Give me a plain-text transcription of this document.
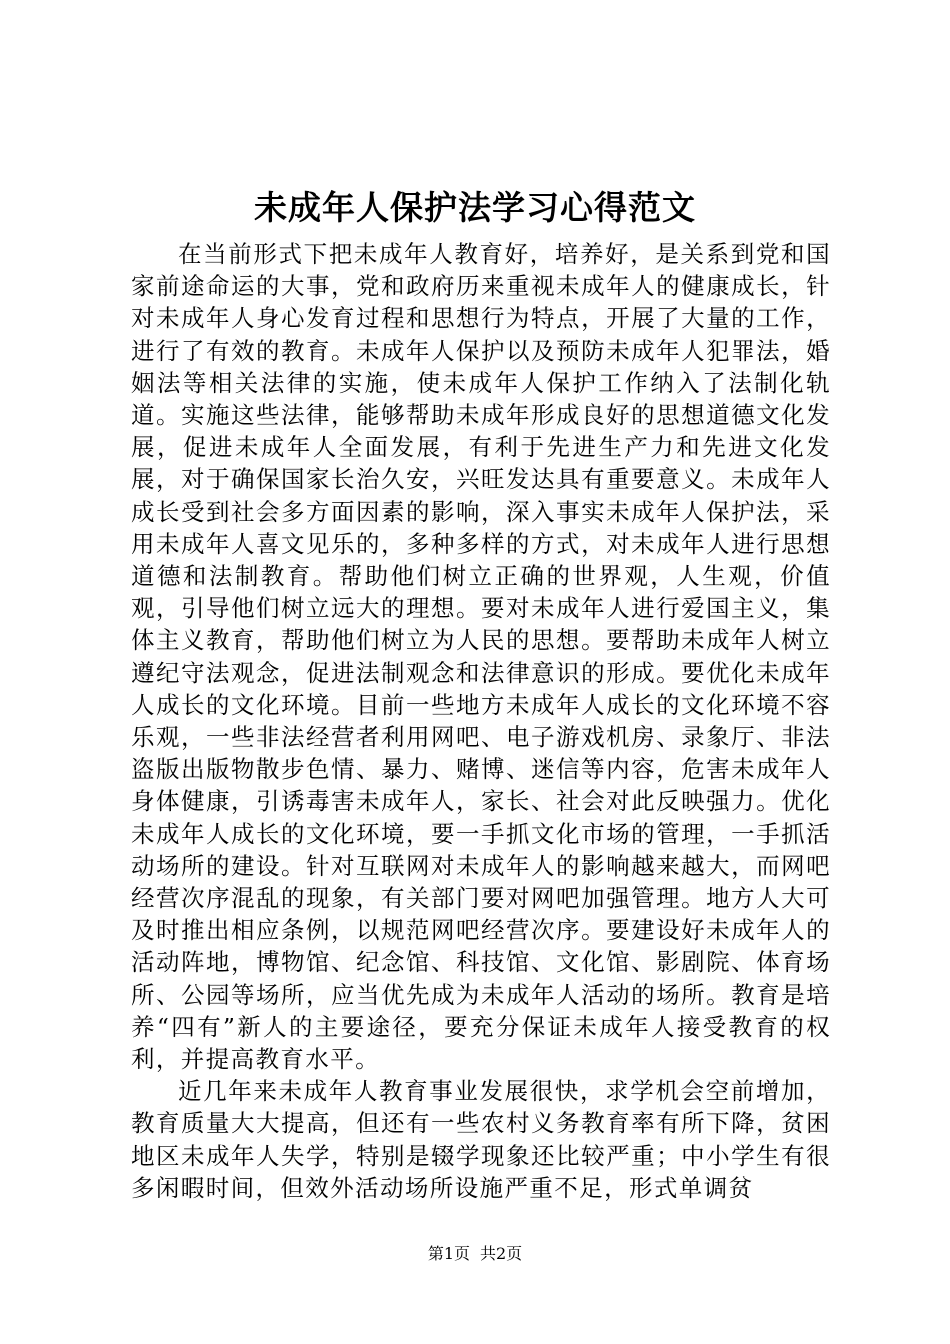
未成年人保护法学习心得范文

在当前形式下把未成年人教育好，培养好，是关系到党和国家前途命运的大事，党和政府历来重视未成年人的健康成长，针对未成年人身心发育过程和思想行为特点，开展了大量的工作，进行了有效的教育。未成年人保护以及预防未成年人犯罪法，婚姻法等相关法律的实施，使未成年人保护工作纳入了法制化轨道。实施这些法律，能够帮助未成年形成良好的思想道德文化发展，促进未成年人全面发展，有利于先进生产力和先进文化发展，对于确保国家长治久安，兴旺发达具有重要意义。未成年人成长受到社会多方面因素的影响，深入事实未成年人保护法，采用未成年人喜文见乐的，多种多样的方式，对未成年人进行思想道德和法制教育。帮助他们树立正确的世界观，人生观，价值观，引导他们树立远大的理想。要对未成年人进行爱国主义，集体主义教育，帮助他们树立为人民的思想。要帮助未成年人树立遵纪守法观念，促进法制观念和法律意识的形成。要优化未成年人成长的文化环境。目前一些地方未成年人成长的文化环境不容乐观，一些非法经营者利用网吧、电子游戏机房、录象厅、非法盗版出版物散步色情、暴力、赌博、迷信等内容，危害未成年人身体健康，引诱毒害未成年人，家长、社会对此反映强力。优化未成年人成长的文化环境，要一手抓文化市场的管理，一手抓活动场所的建设。针对互联网对未成年人的影响越来越大，而网吧经营次序混乱的现象，有关部门要对网吧加强管理。地方人大可及时推出相应条例，以规范网吧经营次序。要建设好未成年人的活动阵地，博物馆、纪念馆、科技馆、文化馆、影剧院、体育场所、公园等场所，应当优先成为未成年人活动的场所。教育是培养“四有”新人的主要途径，要充分保证未成年人接受教育的权利，并提高教育水平。

近几年来未成年人教育事业发展很快，求学机会空前增加，教育质量大大提高，但还有一些农村义务教育率有所下降，贫困地区未成年人失学，特别是辍学现象还比较严重；中小学生有很多闲暇时间，但效外活动场所设施严重不足，形式单调贫

第1页 共2页
